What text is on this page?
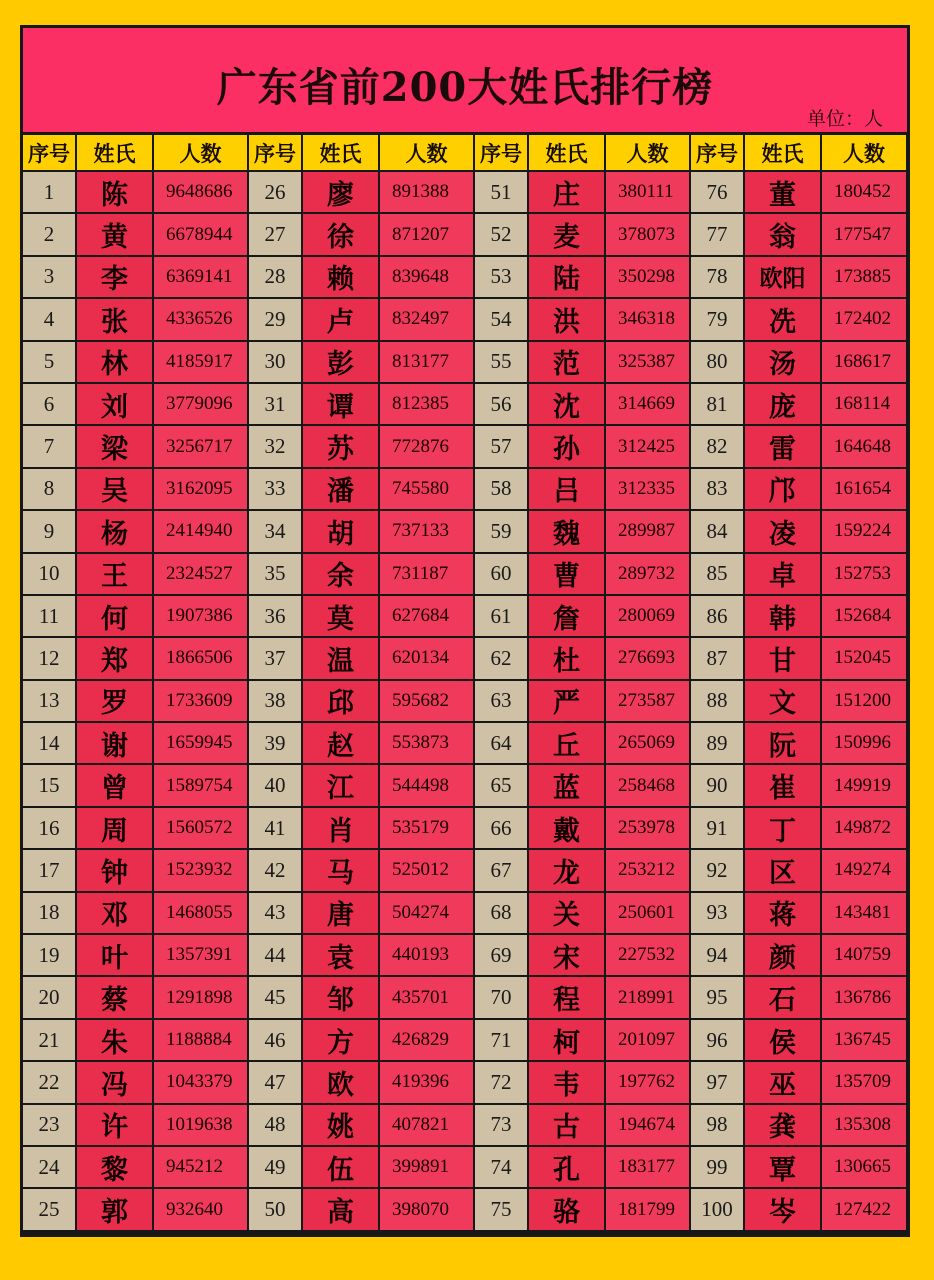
广东省前200大姓氏排行榜
单位：人
序号	姓氏	人数	序号	姓氏	人数	序号	姓氏	人数	序号	姓氏	人数
1	陈	9648686	26	廖	891388	51	庄	380111	76	董	180452
2	黄	6678944	27	徐	871207	52	麦	378073	77	翁	177547
3	李	6369141	28	赖	839648	53	陆	350298	78	欧阳	173885
4	张	4336526	29	卢	832497	54	洪	346318	79	冼	172402
5	林	4185917	30	彭	813177	55	范	325387	80	汤	168617
6	刘	3779096	31	谭	812385	56	沈	314669	81	庞	168114
7	梁	3256717	32	苏	772876	57	孙	312425	82	雷	164648
8	吴	3162095	33	潘	745580	58	吕	312335	83	邝	161654
9	杨	2414940	34	胡	737133	59	魏	289987	84	凌	159224
10	王	2324527	35	余	731187	60	曹	289732	85	卓	152753
11	何	1907386	36	莫	627684	61	詹	280069	86	韩	152684
12	郑	1866506	37	温	620134	62	杜	276693	87	甘	152045
13	罗	1733609	38	邱	595682	63	严	273587	88	文	151200
14	谢	1659945	39	赵	553873	64	丘	265069	89	阮	150996
15	曾	1589754	40	江	544498	65	蓝	258468	90	崔	149919
16	周	1560572	41	肖	535179	66	戴	253978	91	丁	149872
17	钟	1523932	42	马	525012	67	龙	253212	92	区	149274
18	邓	1468055	43	唐	504274	68	关	250601	93	蒋	143481
19	叶	1357391	44	袁	440193	69	宋	227532	94	颜	140759
20	蔡	1291898	45	邹	435701	70	程	218991	95	石	136786
21	朱	1188884	46	方	426829	71	柯	201097	96	侯	136745
22	冯	1043379	47	欧	419396	72	韦	197762	97	巫	135709
23	许	1019638	48	姚	407821	73	古	194674	98	龚	135308
24	黎	945212	49	伍	399891	74	孔	183177	99	覃	130665
25	郭	932640	50	高	398070	75	骆	181799	100	岑	127422
